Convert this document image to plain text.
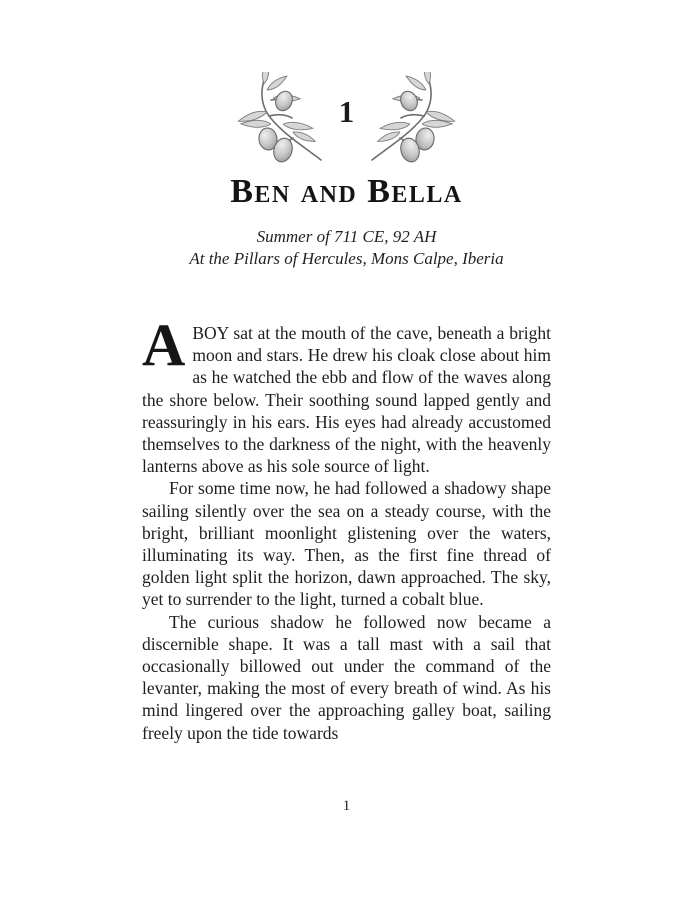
1
Ben and Bella
Summer of 711 CE, 92 AH
At the Pillars of Hercules, Mons Calpe, Iberia

ABOY sat at the mouth of the cave, beneath a bright moon and stars. He drew his cloak close about him as he watched the ebb and flow of the waves along the shore below. Their soothing sound lapped gently and reassuringly in his ears. His eyes had already accustomed themselves to the darkness of the night, with the heavenly lanterns above as his sole source of light.

For some time now, he had followed a shadowy shape sailing silently over the sea on a steady course, with the bright, brilliant moonlight glistening over the waters, illuminating its way. Then, as the first fine thread of golden light split the horizon, dawn approached. The sky, yet to surrender to the light, turned a cobalt blue.

The curious shadow he followed now became a discernible shape. It was a tall mast with a sail that occasionally billowed out under the command of the levanter, making the most of every breath of wind. As his mind lingered over the approaching galley boat, sailing freely upon the tide towards

1
